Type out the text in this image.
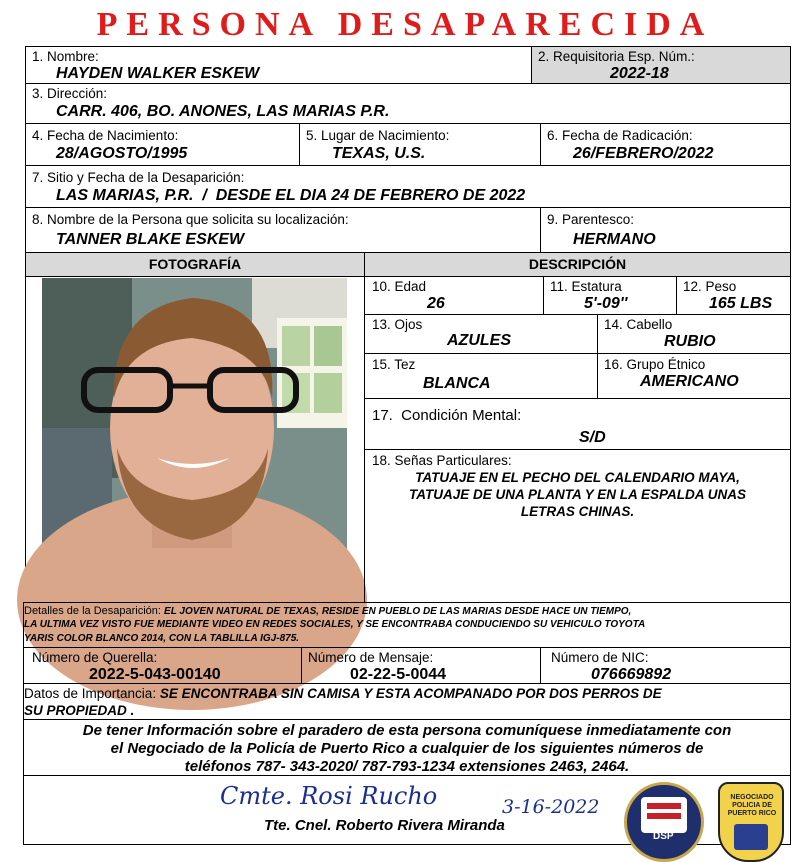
PERSONA DESAPARECIDA
1. Nombre:
HAYDEN WALKER ESKEW
2. Requisitoria Esp. Núm.:
2022-18
3. Dirección:
CARR. 406, BO. ANONES, LAS MARIAS P.R.
4. Fecha de Nacimiento:
28/AGOSTO/1995
5. Lugar de Nacimiento:
TEXAS, U.S.
6. Fecha de Radicación:
26/FEBRERO/2022
7. Sitio y Fecha de la Desaparición:
LAS MARIAS, P.R.  /  DESDE EL DIA 24 DE FEBRERO DE 2022
8. Nombre de la Persona que solicita su localización:
TANNER BLAKE ESKEW
9. Parentesco:
HERMANO
FOTOGRAFÍA	DESCRIPCIÓN
10. Edad
26
11. Estatura
5'-09''
12. Peso
165 LBS
13. Ojos
AZULES
14. Cabello
RUBIO
15. Tez
BLANCA
16. Grupo Étnico
AMERICANO
17.  Condición Mental:
S/D
18. Señas Particulares:
TATUAJE EN EL PECHO DEL CALENDARIO MAYA,
TATUAJE DE UNA PLANTA Y EN LA ESPALDA UNAS
LETRAS CHINAS.
Detalles de la Desaparición: EL JOVEN NATURAL DE TEXAS, RESIDE EN PUEBLO DE LAS MARIAS DESDE HACE UN TIEMPO,
LA ULTIMA VEZ VISTO FUE MEDIANTE VIDEO EN REDES SOCIALES, Y SE ENCONTRABA CONDUCIENDO SU VEHICULO TOYOTA
YARIS COLOR BLANCO 2014, CON LA TABLILLA IGJ-875.
Número de Querella:
2022-5-043-00140
Número de Mensaje:
02-22-5-0044
Número de NIC:
076669892
Datos de Importancia: SE ENCONTRABA SIN CAMISA Y ESTA ACOMPANADO POR DOS PERROS DE
SU PROPIEDAD .
De tener Información sobre el paradero de esta persona comuníquese inmediatamente con
el Negociado de la Policía de Puerto Rico a cualquier de los siguientes números de
teléfonos 787- 343-2020/ 787-793-1234 extensiones 2463, 2464.
Cmte. Rosi Rucho	3-16-2022
Tte. Cnel. Roberto Rivera Miranda
DSP
NEGOCIADO POLICIA DE PUERTO RICO
